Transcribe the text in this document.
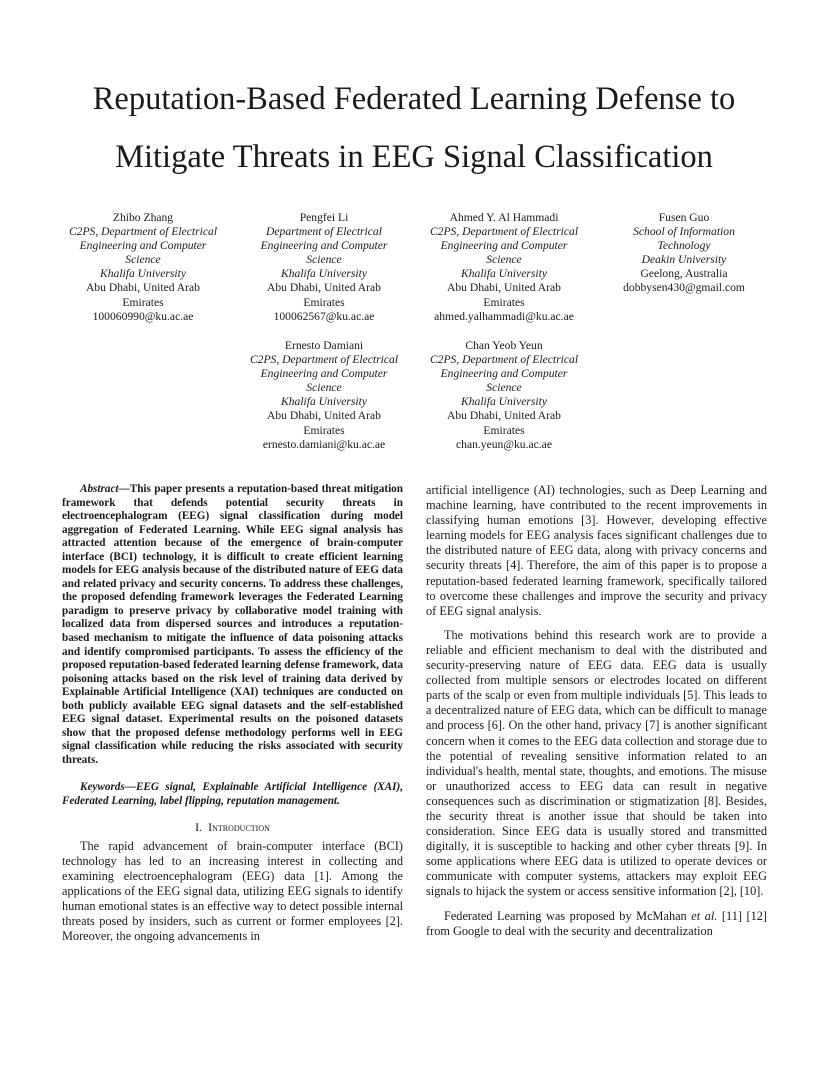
Reputation-Based Federated Learning Defense to
Mitigate Threats in EEG Signal Classification
Zhibo Zhang
C2PS, Department of Electrical
Engineering and Computer
Science
Khalifa University
Abu Dhabi, United Arab
Emirates
100060990@ku.ac.ae
Pengfei Li
Department of Electrical
Engineering and Computer
Science
Khalifa University
Abu Dhabi, United Arab
Emirates
100062567@ku.ac.ae
Ahmed Y. Al Hammadi
C2PS, Department of Electrical
Engineering and Computer
Science
Khalifa University
Abu Dhabi, United Arab
Emirates
ahmed.yalhammadi@ku.ac.ae
Fusen Guo
School of Information
Technology
Deakin University
Geelong, Australia
dobbysen430@gmail.com
Ernesto Damiani
C2PS, Department of Electrical
Engineering and Computer
Science
Khalifa University
Abu Dhabi, United Arab
Emirates
ernesto.damiani@ku.ac.ae
Chan Yeob Yeun
C2PS, Department of Electrical
Engineering and Computer
Science
Khalifa University
Abu Dhabi, United Arab
Emirates
chan.yeun@ku.ac.ae

Abstract—This paper presents a reputation-based threat mitigation framework that defends potential security threats in electroencephalogram (EEG) signal classification during model aggregation of Federated Learning. While EEG signal analysis has attracted attention because of the emergence of brain-computer interface (BCI) technology, it is difficult to create efficient learning models for EEG analysis because of the distributed nature of EEG data and related privacy and security concerns. To address these challenges, the proposed defending framework leverages the Federated Learning paradigm to preserve privacy by collaborative model training with localized data from dispersed sources and introduces a reputation-based mechanism to mitigate the influence of data poisoning attacks and identify compromised participants. To assess the efficiency of the proposed reputation-based federated learning defense framework, data poisoning attacks based on the risk level of training data derived by Explainable Artificial Intelligence (XAI) techniques are conducted on both publicly available EEG signal datasets and the self-established EEG signal dataset. Experimental results on the poisoned datasets show that the proposed defense methodology performs well in EEG signal classification while reducing the risks associated with security threats.

Keywords—EEG signal, Explainable Artificial Intelligence (XAI), Federated Learning, label flipping, reputation management.

I. Introduction

The rapid advancement of brain-computer interface (BCI) technology has led to an increasing interest in collecting and examining electroencephalogram (EEG) data [1]. Among the applications of the EEG signal data, utilizing EEG signals to identify human emotional states is an effective way to detect possible internal threats posed by insiders, such as current or former employees [2]. Moreover, the ongoing advancements in

artificial intelligence (AI) technologies, such as Deep Learning and machine learning, have contributed to the recent improvements in classifying human emotions [3]. However, developing effective learning models for EEG analysis faces significant challenges due to the distributed nature of EEG data, along with privacy concerns and security threats [4]. Therefore, the aim of this paper is to propose a reputation-based federated learning framework, specifically tailored to overcome these challenges and improve the security and privacy of EEG signal analysis.

The motivations behind this research work are to provide a reliable and efficient mechanism to deal with the distributed and security-preserving nature of EEG data. EEG data is usually collected from multiple sensors or electrodes located on different parts of the scalp or even from multiple individuals [5]. This leads to a decentralized nature of EEG data, which can be difficult to manage and process [6]. On the other hand, privacy [7] is another significant concern when it comes to the EEG data collection and storage due to the potential of revealing sensitive information related to an individual's health, mental state, thoughts, and emotions. The misuse or unauthorized access to EEG data can result in negative consequences such as discrimination or stigmatization [8]. Besides, the security threat is another issue that should be taken into consideration. Since EEG data is usually stored and transmitted digitally, it is susceptible to hacking and other cyber threats [9]. In some applications where EEG data is utilized to operate devices or communicate with computer systems, attackers may exploit EEG signals to hijack the system or access sensitive information [2], [10].

Federated Learning was proposed by McMahan et al. [11] [12] from Google to deal with the security and decentralization
